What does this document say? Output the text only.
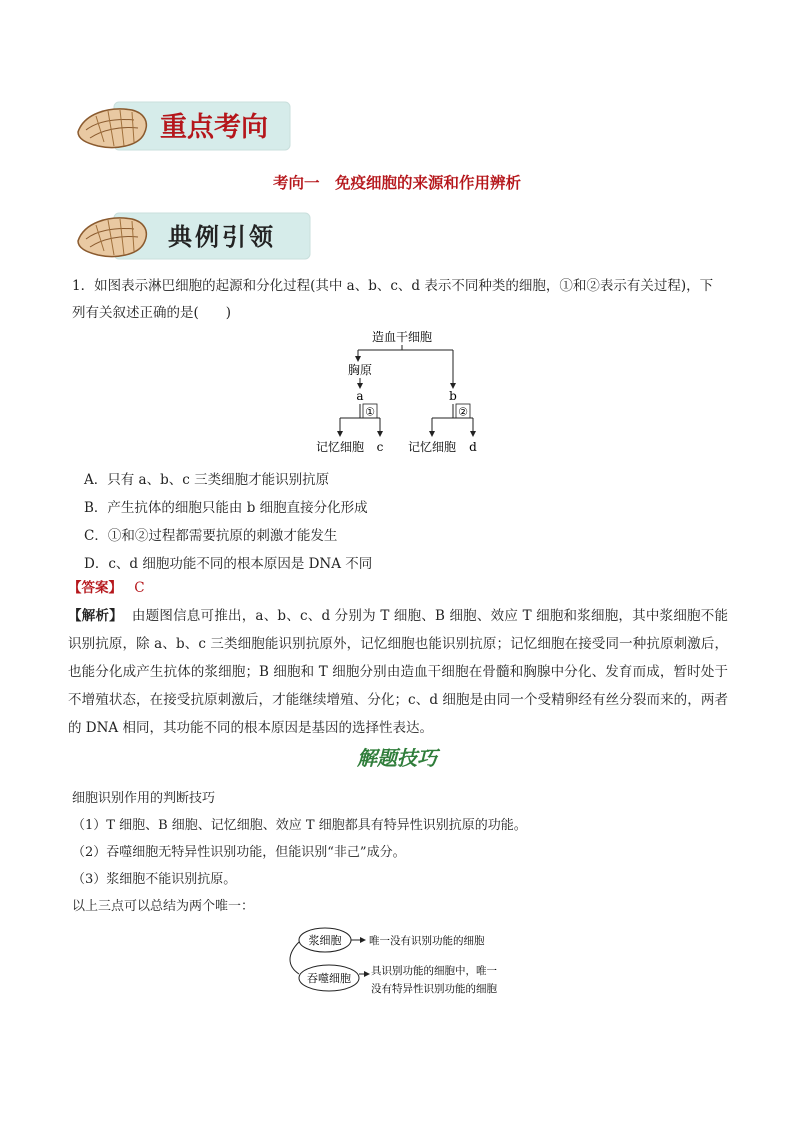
重点考向
考向一　免疫细胞的来源和作用辨析
典例引领
1．如图表示淋巴细胞的起源和分化过程(其中 a、b、c、d 表示不同种类的细胞，①和②表示有关过程)，下
列有关叙述正确的是(　　)
造血干细胞
胸原
a	b
①	②
记忆细胞 c 记忆细胞 d
A．只有 a、b、c 三类细胞才能识别抗原
B．产生抗体的细胞只能由 b 细胞直接分化形成
C．①和②过程都需要抗原的刺激才能发生
D．c、d 细胞功能不同的根本原因是 DNA 不同
【答案】 C
【解析】 由题图信息可推出，a、b、c、d 分别为 T 细胞、B 细胞、效应 T 细胞和浆细胞，其中浆细胞不能识别抗原，除 a、b、c 三类细胞能识别抗原外，记忆细胞也能识别抗原；记忆细胞在接受同一种抗原刺激后，也能分化成产生抗体的浆细胞；B 细胞和 T 细胞分别由造血干细胞在骨髓和胸腺中分化、发育而成，暂时处于不增殖状态，在接受抗原刺激后，才能继续增殖、分化；c、d 细胞是由同一个受精卵经有丝分裂而来的，两者的 DNA 相同，其功能不同的根本原因是基因的选择性表达。
解题技巧
细胞识别作用的判断技巧
（1）T 细胞、B 细胞、记忆细胞、效应 T 细胞都具有特异性识别抗原的功能。
（2）吞噬细胞无特异性识别功能，但能识别“非己”成分。
（3）浆细胞不能识别抗原。
以上三点可以总结为两个唯一：
浆细胞
吞噬细胞
唯一没有识别功能的细胞
具识别功能的细胞中，唯一
没有特异性识别功能的细胞
